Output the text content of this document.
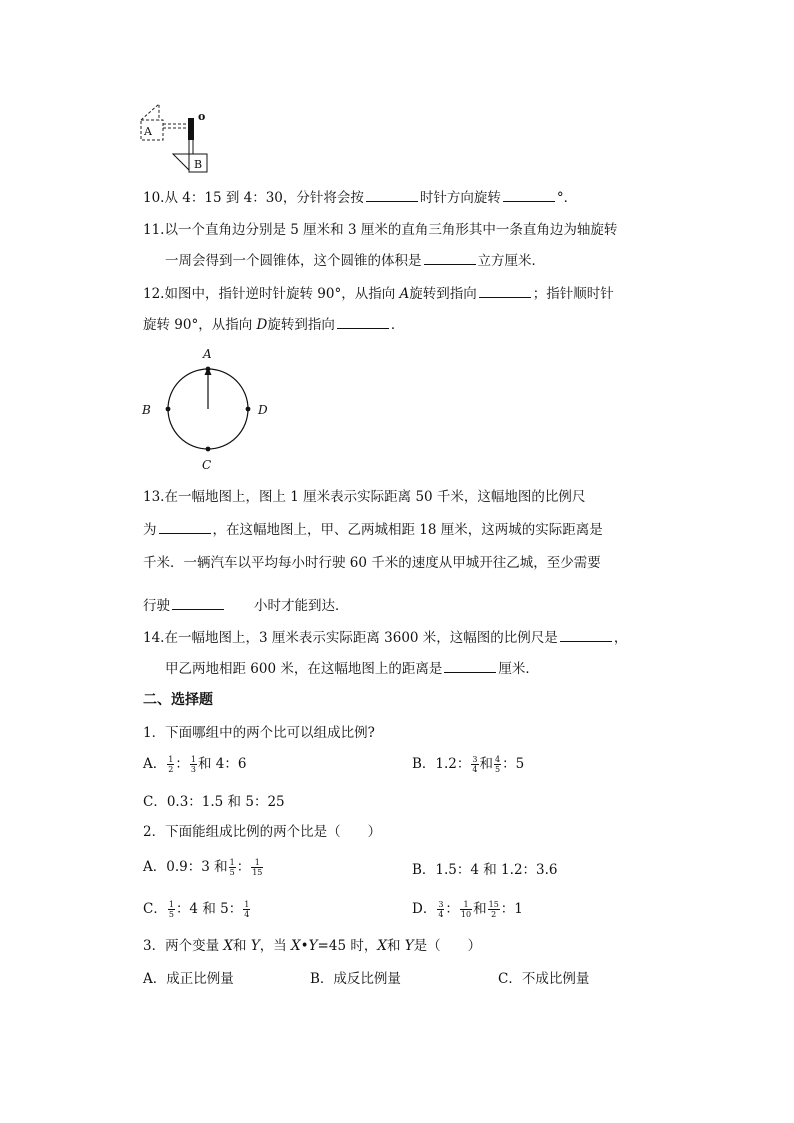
A
B
o
10.从 4：15 到 4：30，分针将会按	时针方向旋转	°．
11.以一个直角边分别是 5 厘米和 3 厘米的直角三角形其中一条直角边为轴旋转
一周会得到一个圆锥体，这个圆锥的体积是	立方厘米．
12.如图中，指针逆时针旋转 90°，从指向 A旋转到指向	；指针顺时针
旋转 90°，从指向 D旋转到指向	．
A
B	D
C
13.在一幅地图上，图上 1 厘米表示实际距离 50 千米，这幅地图的比例尺
为	，在这幅地图上，甲、乙两城相距 18 厘米，这两城的实际距离是
千米．一辆汽车以平均每小时行驶 60 千米的速度从甲城开往乙城，至少需要
行驶	小时才能到达．
14.在一幅地图上，3 厘米表示实际距离 3600 米，这幅图的比例尺是	，
甲乙两地相距 600 米，在这幅地图上的距离是	厘米．
二、选择题
1．下面哪组中的两个比可以组成比例?
A． $\frac{1}{2}$ ： $\frac{1}{3}$ 和 4：6	B．1.2： $\frac{3}{4}$ 和 $\frac{4}{5}$ ：5
C．0.3：1.5 和 5：25
2．下面能组成比例的两个比是（　　）
A．0.9：3 和 $\frac{1}{5}$ ： $\frac{1}{15}$	B．1.5：4 和 1.2：3.6
C． $\frac{1}{5}$ ：4 和 5： $\frac{1}{4}$	D． $\frac{3}{4}$ ： $\frac{1}{10}$ 和 $\frac{15}{2}$ ：1
3．两个变量 X和 Y，当 X•Y=45 时，X和 Y是（　　）
A．成正比例量	B．成反比例量	C．不成比例量
